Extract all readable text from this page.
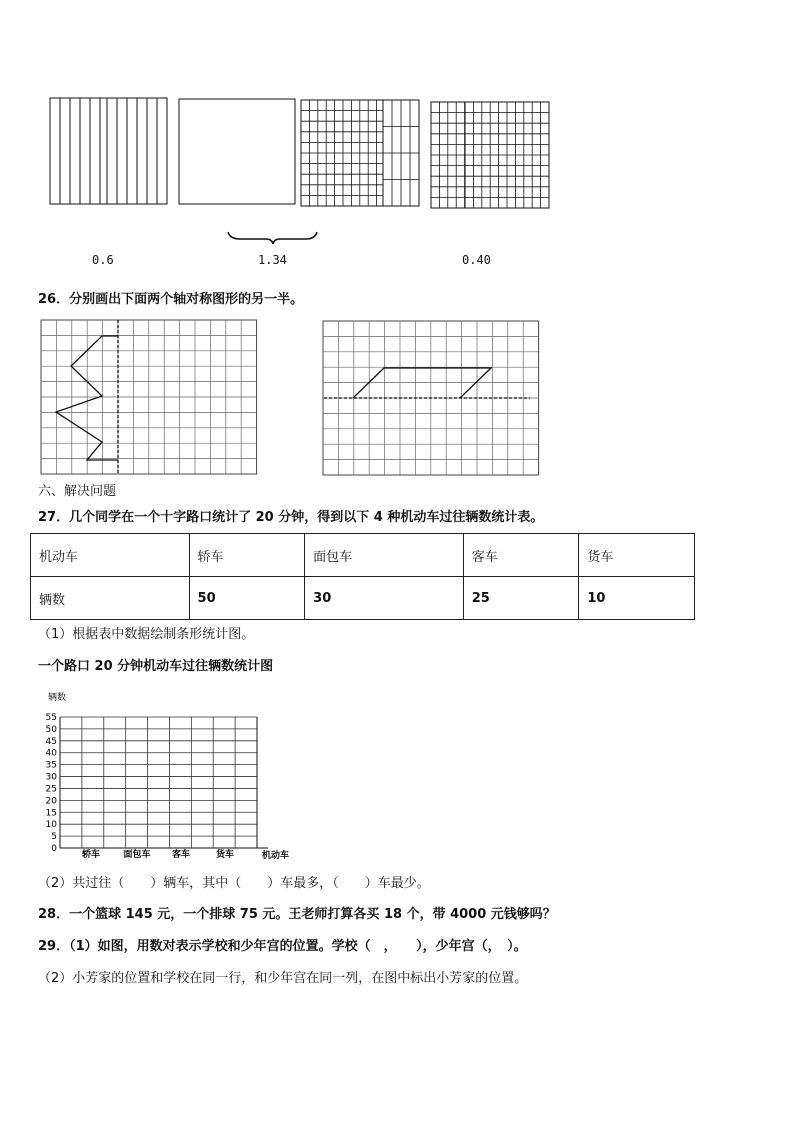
0.6	1.34	0.40
26．分别画出下面两个轴对称图形的另一半。
六、解决问题
27．几个同学在一个十字路口统计了 20 分钟，得到以下 4 种机动车过往辆数统计表。
机动车	轿车	面包车	客车	货车
辆数	50	30	25	10
（1）根据表中数据绘制条形统计图。
一个路口 20 分钟机动车过往辆数统计图
辆数
0
5
10
15
20
25
30
35
40
45
50
55
轿车	面包车 客车	货车	机动车
（2）共过往（　　）辆车，其中（　　）车最多，（　　）车最少。
28．一个篮球 145 元，一个排球 75 元。王老师打算各买 18 个，带 4000 元钱够吗？
29．（1）如图，用数对表示学校和少年宫的位置。学校（　，　　），少年宫（，　）。
（2）小芳家的位置和学校在同一行，和少年宫在同一列，在图中标出小芳家的位置。
